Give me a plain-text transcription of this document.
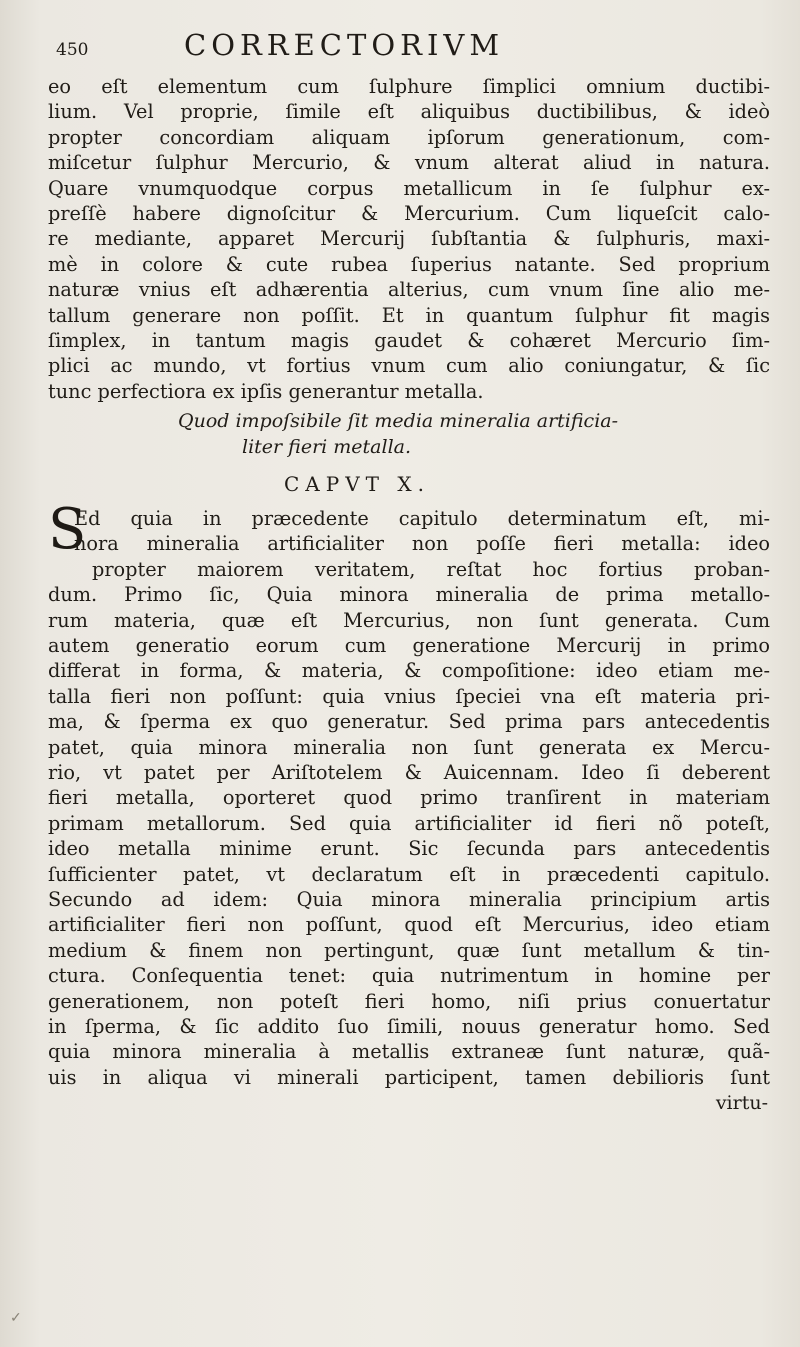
450	CORRECTORIVM
eo eſt elementum cum ſulphure ſimplici omnium ductibi-
lium. Vel proprie, ſimile eſt aliquibus ductibilibus, & ideò
propter concordiam aliquam ipſorum generationum, com-
miſcetur ſulphur Mercurio, & vnum alterat aliud in natura.
Quare vnumquodque corpus metallicum in ſe ſulphur ex-
preſſè habere dignoſcitur & Mercurium. Cum liqueſcit calo-
re mediante, apparet Mercurij ſubſtantia & ſulphuris, maxi-
mè in colore & cute rubea ſuperius natante. Sed proprium
naturæ vnius eſt adhærentia alterius, cum vnum ſine alio me-
tallum generare non poſſit. Et in quantum ſulphur fit magis
ſimplex, in tantum magis gaudet & cohæret Mercurio ſim-
plici ac mundo, vt fortius vnum cum alio coniungatur, & ſic
tunc perfectiora ex ipſis generantur metalla.
Quod impoſsibile ſit media mineralia artificia-
liter fieri metalla.
CAPVT X.
S
Ed quia in præcedente capitulo determinatum eſt, mi-
nora mineralia artificialiter non poſſe fieri metalla: ideo
propter maiorem veritatem, reſtat hoc fortius proban-
dum. Primo ſic, Quia minora mineralia de prima metallo-
rum materia, quæ eſt Mercurius, non ſunt generata. Cum
autem generatio eorum cum generatione Mercurij in primo
differat in forma, & materia, & compoſitione: ideo etiam me-
talla fieri non poſſunt: quia vnius ſpeciei vna eſt materia pri-
ma, & ſperma ex quo generatur. Sed prima pars antecedentis
patet, quia minora mineralia non ſunt generata ex Mercu-
rio, vt patet per Ariſtotelem & Auicennam. Ideo ſi deberent
fieri metalla, oporteret quod primo tranſirent in materiam
primam metallorum. Sed quia artificialiter id fieri nõ poteſt,
ideo metalla minime erunt. Sic ſecunda pars antecedentis
ſufficienter patet, vt declaratum eſt in præcedenti capitulo.
Secundo ad idem: Quia minora mineralia principium artis
artificialiter fieri non poſſunt, quod eſt Mercurius, ideo etiam
medium & finem non pertingunt, quæ ſunt metallum & tin-
ctura. Conſequentia tenet: quia nutrimentum in homine per
generationem, non poteſt fieri homo, niſi prius conuertatur
in ſperma, & ſic addito ſuo ſimili, nouus generatur homo. Sed
quia minora mineralia à metallis extraneæ ſunt naturæ, quã-
uis in aliqua vi minerali participent, tamen debilioris ſunt
virtu-
✓
